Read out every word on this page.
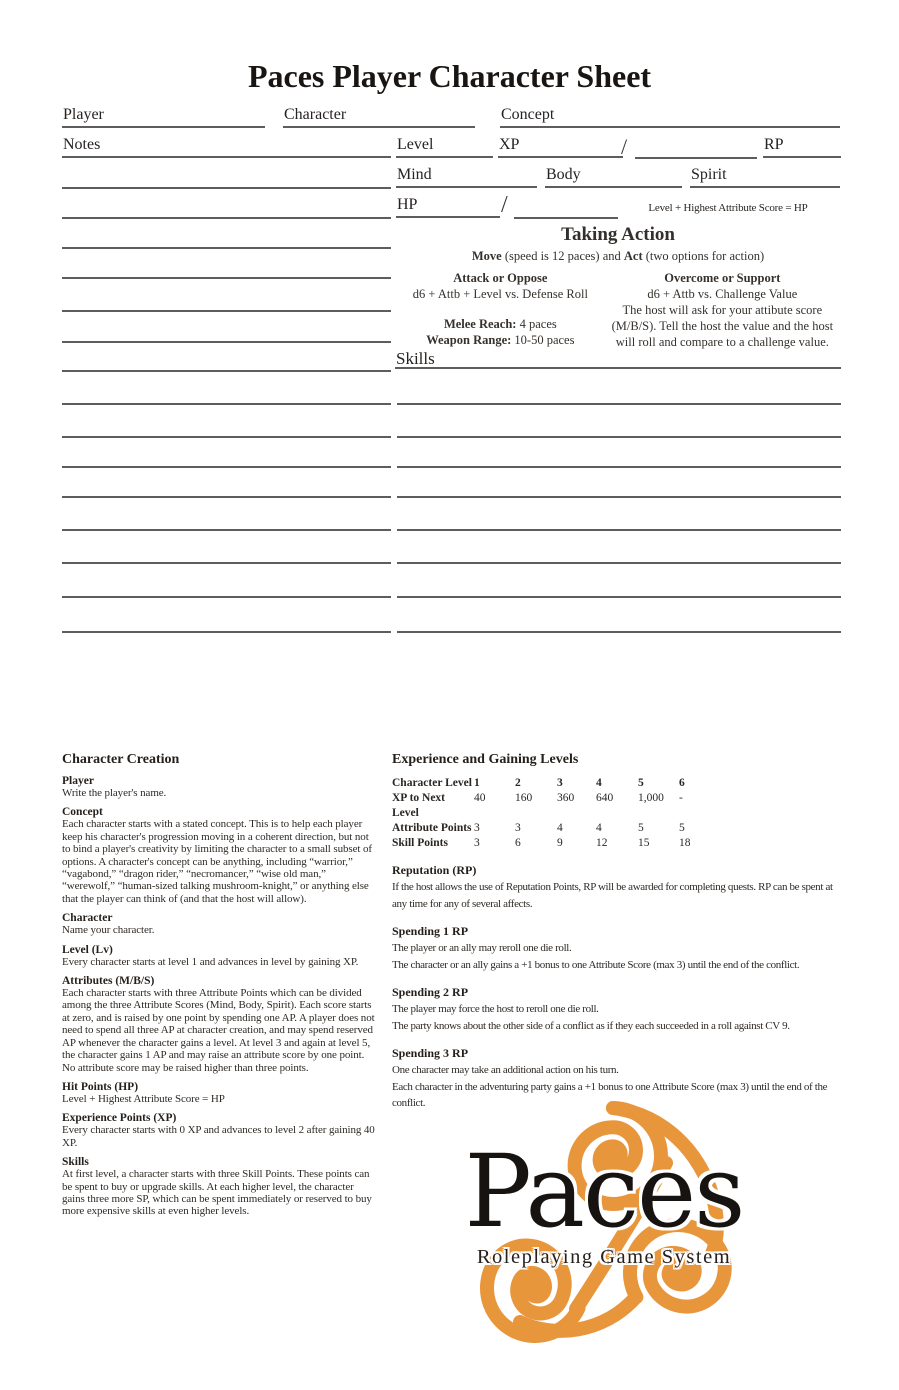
Paces Player Character Sheet
Player	Character	Concept
Notes	Level	XP	/	RP
Mind	Body	Spirit
HP	/	Level + Highest Attribute Score = HP
Taking Action
Move (speed is 12 paces) and Act (two options for action)
Attack or Oppose
d6 + Attb + Level vs. Defense Roll
Melee Reach: 4 paces
Weapon Range: 10-50 paces
Overcome or Support
d6 + Attb vs. Challenge Value
The host will ask for your attibute score (M/B/S). Tell the host the value and the host will roll and compare to a challenge value.
Skills
Character Creation
Player

Write the player's name.

Concept

Each character starts with a stated concept. This is to help each player keep his character's progression moving in a coherent direction, but not to bind a player's creativity by limiting the character to a small subset of options. A character's concept can be anything, including “warrior,” “vagabond,” “dragon rider,” “necromancer,” “wise old man,” “werewolf,” “human-sized talking mushroom-knight,” or anything else that the player can think of (and that the host will allow).

Character

Name your character.

Level (Lv)

Every character starts at level 1 and advances in level by gaining XP.

Attributes (M/B/S)

Each character starts with three Attribute Points which can be divided among the three Attribute Scores (Mind, Body, Spirit). Each score starts at zero, and is raised by one point by spending one AP. A player does not need to spend all three AP at character creation, and may spend reserved AP whenever the character gains a level. At level 3 and again at level 5, the character gains 1 AP and may raise an attribute score by one point. No attribute score may be raised higher than three points.

Hit Points (HP)

Level + Highest Attribute Score = HP

Experience Points (XP)

Every character starts with 0 XP and advances to level 2 after gaining 40 XP.

Skills

At first level, a character starts with three Skill Points. These points can be spent to buy or upgrade skills. At each higher level, the character gains three more SP, which can be spent immediately or reserved to buy more expensive skills at even higher levels.

Experience and Gaining Levels
Character Level 1	2	3	4	5	6
XP to Next Level
40	160	360	640	1,000	-
Attribute Points 3	3	4	4	5	5
Skill Points	3	6	9	12	15	18
Reputation (RP)

If the host allows the use of Reputation Points, RP will be awarded for completing quests. RP can be spent at any time for any of several affects.

Spending 1 RP

The player or an ally may reroll one die roll.

The character or an ally gains a +1 bonus to one Attribute Score (max 3) until the end of the conflict.

Spending 2 RP

The player may force the host to reroll one die roll.

The party knows about the other side of a conflict as if they each succeeded in a roll against CV 9.

Spending 3 RP

One character may take an additional action on his turn.

Each character in the adventuring party gains a +1 bonus to one Attribute Score (max 3) until the end of the conflict.

Paces
Roleplaying Game System
